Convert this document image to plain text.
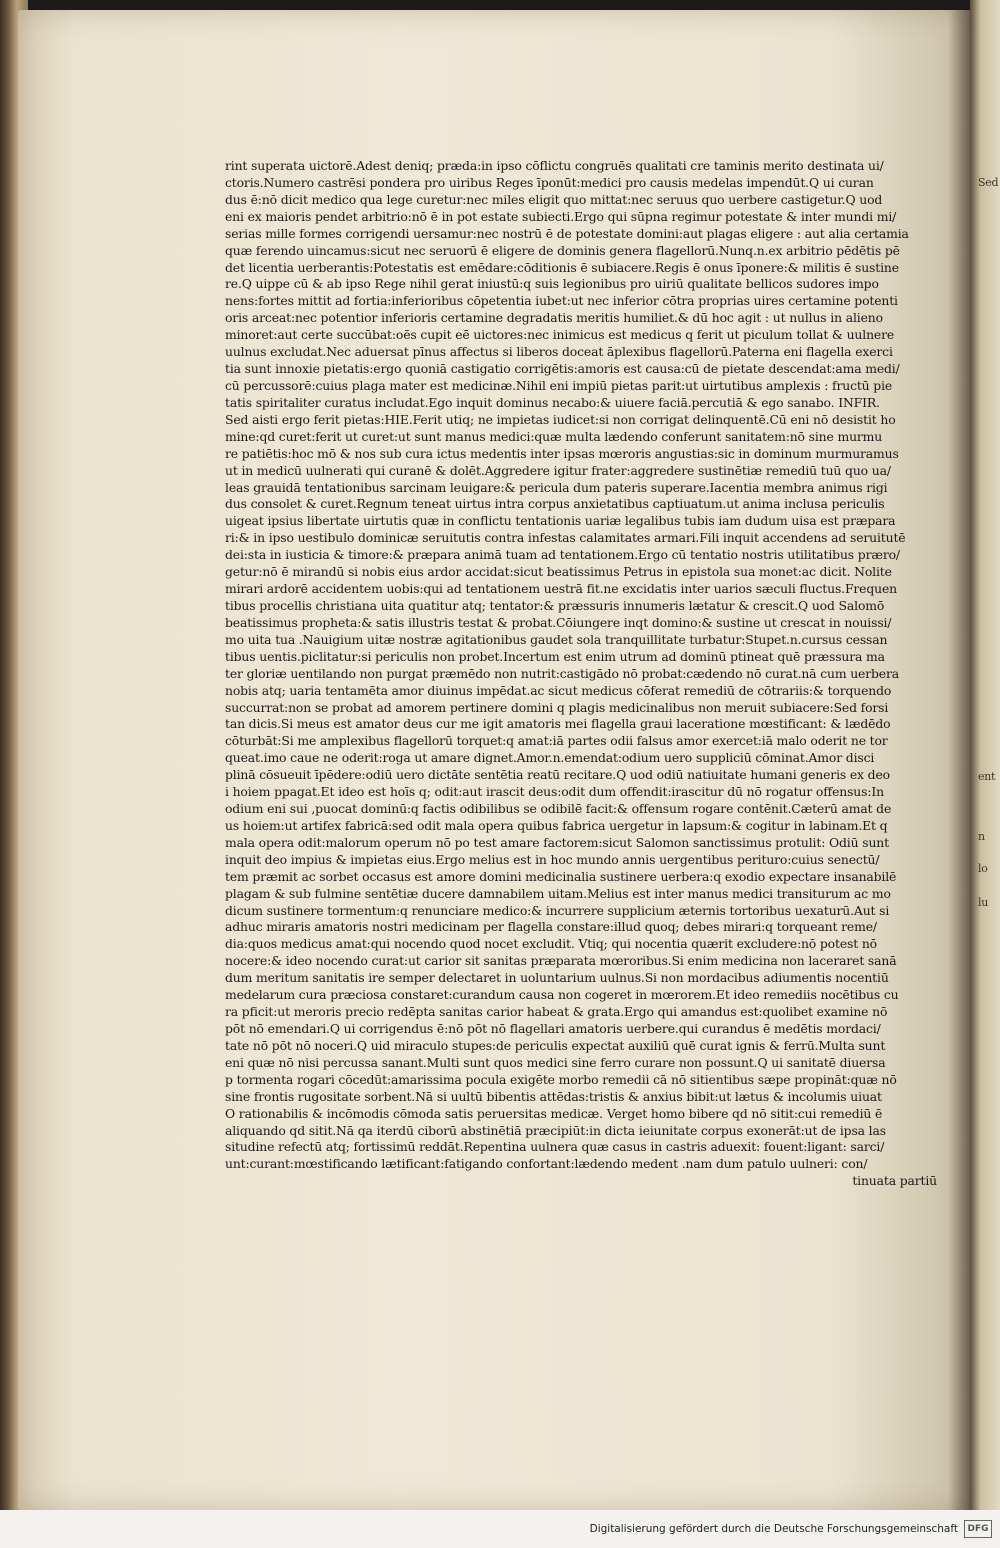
Sed
ent
n
lo
lu
rint superata uictorē.Adest deniq; præda:in ipso cōflictu congruēs qualitati cre taminis merito destinata ui/
ctoris.Numero castrēsi pondera pro uiribus Reges īponūt:medici pro causis medelas impendūt.Q ui curan
dus ē:nō dicit medico qua lege curetur:nec miles eligit quo mittat:nec seruus quo uerbere castigetur.Q uod
eni ex maioris pendet arbitrio:nō ē in pot estate subiecti.Ergo qui sūpna regimur potestate & inter mundi mi/
serias mille formes corrigendi uersamur:nec nostrū ē de potestate domini:aut plagas eligere : aut alia certamia
quæ ferendo uincamus:sicut nec seruorū ē eligere de dominis genera flagellorū.Nunq.n.ex arbitrio pēdētis pē
det licentia uerberantis:Potestatis est emēdare:cōditionis ē subiacere.Regis ē onus īponere:& militis ē sustine
re.Q uippe cū & ab ipso Rege nihil gerat iniustū:q suis legionibus pro uiriū qualitate bellicos sudores impo
nens:fortes mittit ad fortia:inferioribus cōpetentia iubet:ut nec inferior cōtra proprias uires certamine potenti
oris arceat:nec potentior inferioris certamine degradatis meritis humiliet.& dū hoc agit : ut nullus in alieno
minoret:aut certe succūbat:oēs cupit eē uictores:nec inimicus est medicus q ferit ut piculum tollat & uulnere
uulnus excludat.Nec aduersat pīnus affectus si liberos doceat āplexibus flagellorū.Paterna eni flagella exerci
tia sunt innoxie pietatis:ergo quoniā castigatio corrigētis:amoris est causa:cū de pietate descendat:ama medi/
cū percussorē:cuius plaga mater est medicinæ.Nihil eni impiū pietas parit:ut uirtutibus amplexis : fructū pie
tatis spiritaliter curatus includat.Ego inquit dominus necabo:& uiuere faciā.percutiā & ego sanabo. INFIR.
Sed aisti ergo ferit pietas:HIE.Ferit utiq; ne impietas iudicet:si non corrigat delinquentē.Cū eni nō desistit ho
mine:qd curet:ferit ut curet:ut sunt manus medici:quæ multa lædendo conferunt sanitatem:nō sine murmu
re patiētis:hoc mō & nos sub cura ictus medentis inter ipsas mœroris angustias:sic in dominum murmuramus
ut in medicū uulnerati qui curanē & dolēt.Aggredere igitur frater:aggredere sustinētiæ remediū tuū quo ua/
leas grauidā tentationibus sarcinam leuigare:& pericula dum pateris superare.Iacentia membra animus rigi
dus consolet & curet.Regnum teneat uirtus intra corpus anxietatibus captiuatum.ut anima inclusa periculis
uigeat ipsius libertate uirtutis quæ in conflictu tentationis uariæ legalibus tubis iam dudum uisa est præpara
ri:& in ipso uestibulo dominicæ seruitutis contra infestas calamitates armari.Fili inquit accendens ad seruitutē
dei:sta in iusticia & timore:& præpara animā tuam ad tentationem.Ergo cū tentatio nostris utilitatibus præro/
getur:nō ē mirandū si nobis eius ardor accidat:sicut beatissimus Petrus in epistola sua monet:ac dicit. Nolite
mirari ardorē accidentem uobis:qui ad tentationem uestrā fit.ne excidatis inter uarios sæculi fluctus.Frequen
tibus procellis christiana uita quatitur atq; tentator:& præssuris innumeris lætatur & crescit.Q uod Salomō
beatissimus propheta:& satis illustris testat & probat.Cōiungere inqt domino:& sustine ut crescat in nouissi/
mo uita tua .Nauigium uitæ nostræ agitationibus gaudet sola tranquillitate turbatur:Stupet.n.cursus cessan
tibus uentis.piclitatur:si periculis non probet.Incertum est enim utrum ad dominū ptineat quē præssura ma
ter gloriæ uentilando non purgat præmēdo non nutrit:castigādo nō probat:cædendo nō curat.nā cum uerbera
nobis atq; uaria tentamēta amor diuinus impēdat.ac sicut medicus cōferat remediū de cōtrariis:& torquendo
succurrat:non se probat ad amorem pertinere domini q plagis medicinalibus non meruit subiacere:Sed forsi
tan dicis.Si meus est amator deus cur me igit amatoris mei flagella graui laceratione mœstificant: & lædēdo
cōturbāt:Si me amplexibus flagellorū torquet:q amat:iā partes odii falsus amor exercet:iā malo oderit ne tor
queat.imo caue ne oderit:roga ut amare dignet.Amor.n.emendat:odium uero suppliciū cōminat.Amor disci
plinā cōsueuit īpēdere:odiū uero dictāte sentētia reatū recitare.Q uod odiū natiuitate humani generis ex deo
i hoiem ppagat.Et ideo est hoīs q; odit:aut irascit deus:odit dum offendit:irascitur dū nō rogatur offensus:In
odium eni sui ,puocat dominū:q factis odibilibus se odibilē facit:& offensum rogare contēnit.Cæterū amat de
us hoiem:ut artifex fabricā:sed odit mala opera quibus fabrica uergetur in lapsum:& cogitur in labinam.Et q
mala opera odit:malorum operum nō po test amare factorem:sicut Salomon sanctissimus protulit: Odiū sunt
inquit deo impius & impietas eius.Ergo melius est in hoc mundo annis uergentibus perituro:cuius senectū/
tem præmit ac sorbet occasus est amore domini medicinalia sustinere uerbera:q exodio expectare insanabilē
plagam & sub fulmine sentētiæ ducere damnabilem uitam.Melius est inter manus medici transiturum ac mo
dicum sustinere tormentum:q renunciare medico:& incurrere supplicium æternis tortoribus uexaturū.Aut si
adhuc miraris amatoris nostri medicinam per flagella constare:illud quoq; debes mirari:q torqueant reme/
dia:quos medicus amat:qui nocendo quod nocet excludit. Vtiq; qui nocentia quærit excludere:nō potest nō
nocere:& ideo nocendo curat:ut carior sit sanitas præparata mœroribus.Si enim medicina non laceraret sanā
dum meritum sanitatis ire semper delectaret in uoluntarium uulnus.Si non mordacibus adiumentis nocentiū
medelarum cura præciosa constaret:curandum causa non cogeret in mœrorem.Et ideo remediis nocētibus cu
ra pficit:ut meroris precio redēpta sanitas carior habeat & grata.Ergo qui amandus est:quolibet examine nō
pōt nō emendari.Q ui corrigendus ē:nō pōt nō flagellari amatoris uerbere.qui curandus ē medētis mordaci/
tate nō pōt nō noceri.Q uid miraculo stupes:de periculis expectat auxiliū quē curat ignis & ferrū.Multa sunt
eni quæ nō nisi percussa sanant.Multi sunt quos medici sine ferro curare non possunt.Q ui sanitatē diuersa
p tormenta rogari cōcedūt:amarissima pocula exigēte morbo remedii cā nō sitientibus sæpe propināt:quæ nō
sine frontis rugositate sorbent.Nā si uultū bibentis attēdas:tristis & anxius bibit:ut lætus & incolumis uiuat
O rationabilis & incōmodis cōmoda satis peruersitas medicæ. Verget homo bibere qd nō sitit:cui remediū ē
aliquando qd sitit.Nā qa iterdū ciborū abstinētiā præcipiūt:in dicta ieiunitate corpus exonerāt:ut de ipsa las
situdine refectū atq; fortissimū reddāt.Repentina uulnera quæ casus in castris aduexit: fouent:ligant: sarci/
unt:curant:mœstificando lætificant:fatigando confortant:lædendo medent .nam dum patulo uulneri: con/
tinuata partiū
Digitalisierung gefördert durch die Deutsche Forschungsgemeinschaft	DFG
